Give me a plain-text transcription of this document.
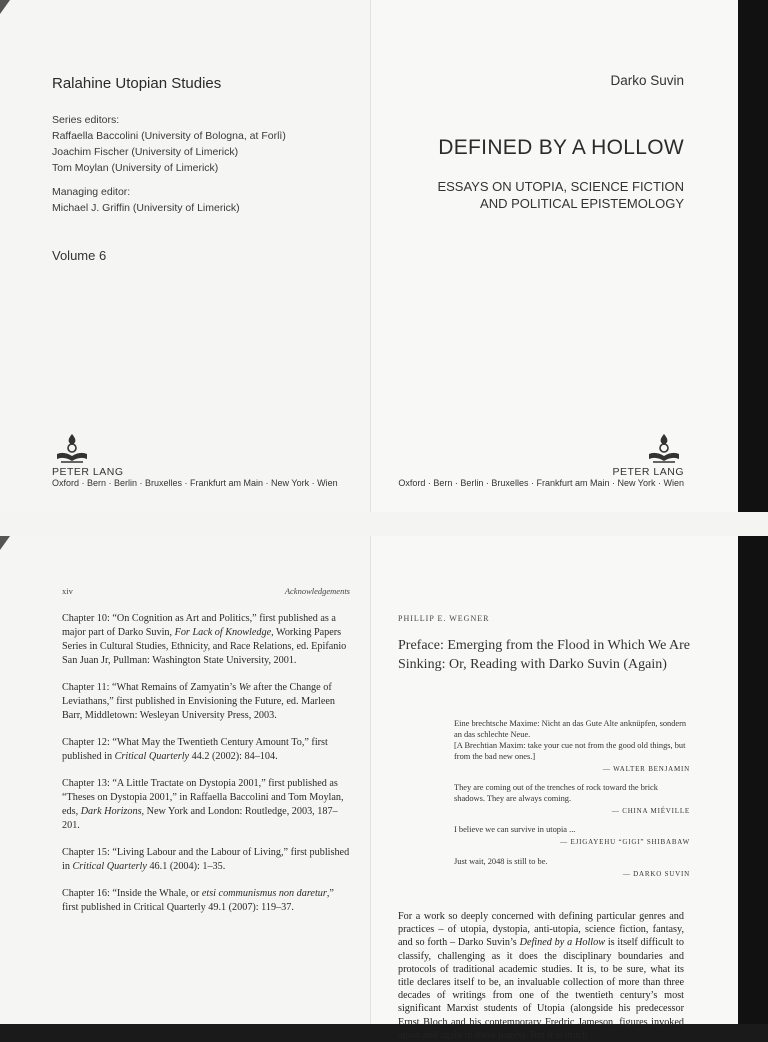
Ralahine Utopian Studies
Series editors:
Raffaella Baccolini (University of Bologna, at Forlì)
Joachim Fischer (University of Limerick)
Tom Moylan (University of Limerick)
Managing editor:
Michael J. Griffin (University of Limerick)
Volume 6
PETER LANG
Oxford · Bern · Berlin · Bruxelles · Frankfurt am Main · New York · Wien
Darko Suvin
DEFINED BY A HOLLOW
ESSAYS ON UTOPIA, SCIENCE FICTION
AND POLITICAL EPISTEMOLOGY
PETER LANG
Oxford · Bern · Berlin · Bruxelles · Frankfurt am Main · New York · Wien
xiv	Acknowledgements

Chapter 10: “On Cognition as Art and Politics,” first published as a major part of Darko Suvin, For Lack of Knowledge, Working Papers Series in Cultural Studies, Ethnicity, and Race Relations, ed. Epifanio San Juan Jr, Pullman: Washington State University, 2001.

Chapter 11: “What Remains of Zamyatin’s We after the Change of Leviathans,” first published in Envisioning the Future, ed. Marleen Barr, Middletown: Wesleyan University Press, 2003.

Chapter 12: “What May the Twentieth Century Amount To,” first published in Critical Quarterly 44.2 (2002): 84–104.

Chapter 13: “A Little Tractate on Dystopia 2001,” first published as “Theses on Dystopia 2001,” in Raffaella Baccolini and Tom Moylan, eds, Dark Horizons, New York and London: Routledge, 2003, 187–201.

Chapter 15: “Living Labour and the Labour of Living,” first published in Critical Quarterly 46.1 (2004): 1–35.

Chapter 16: “Inside the Whale, or etsi communismus non daretur,” first published in Critical Quarterly 49.1 (2007): 119–37.

PHILLIP E. WEGNER
Preface: Emerging from the Flood in Which We Are Sinking: Or, Reading with Darko Suvin (Again)
Eine brechtsche Maxime: Nicht an das Gute Alte anknüpfen, sondern an das schlechte Neue.
[A Brechtian Maxim: take your cue not from the good old things, but from the bad new ones.]
— WALTER BENJAMIN
They are coming out of the trenches of rock toward the brick shadows. They are always coming.
— CHINA MIÉVILLE
I believe we can survive in utopia ...
— EJIGAYEHU “GIGI” SHIBABAW
Just wait, 2048 is still to be.
— DARKO SUVIN
For a work so deeply concerned with defining particular genres and practices – of utopia, dystopia, anti-utopia, science fiction, fantasy, and so forth – Darko Suvin’s Defined by a Hollow is itself difficult to classify, challenging as it does the disciplinary boundaries and protocols of traditional academic studies. It is, to be sure, what its title declares itself to be, an invaluable collection of more than three decades of writings from one of the twentieth century’s most significant Marxist students of Utopia (alongside his predecessor Ernst Bloch and his contemporary Fredric Jameson, figures invoked again and again in these pages). But it is much
